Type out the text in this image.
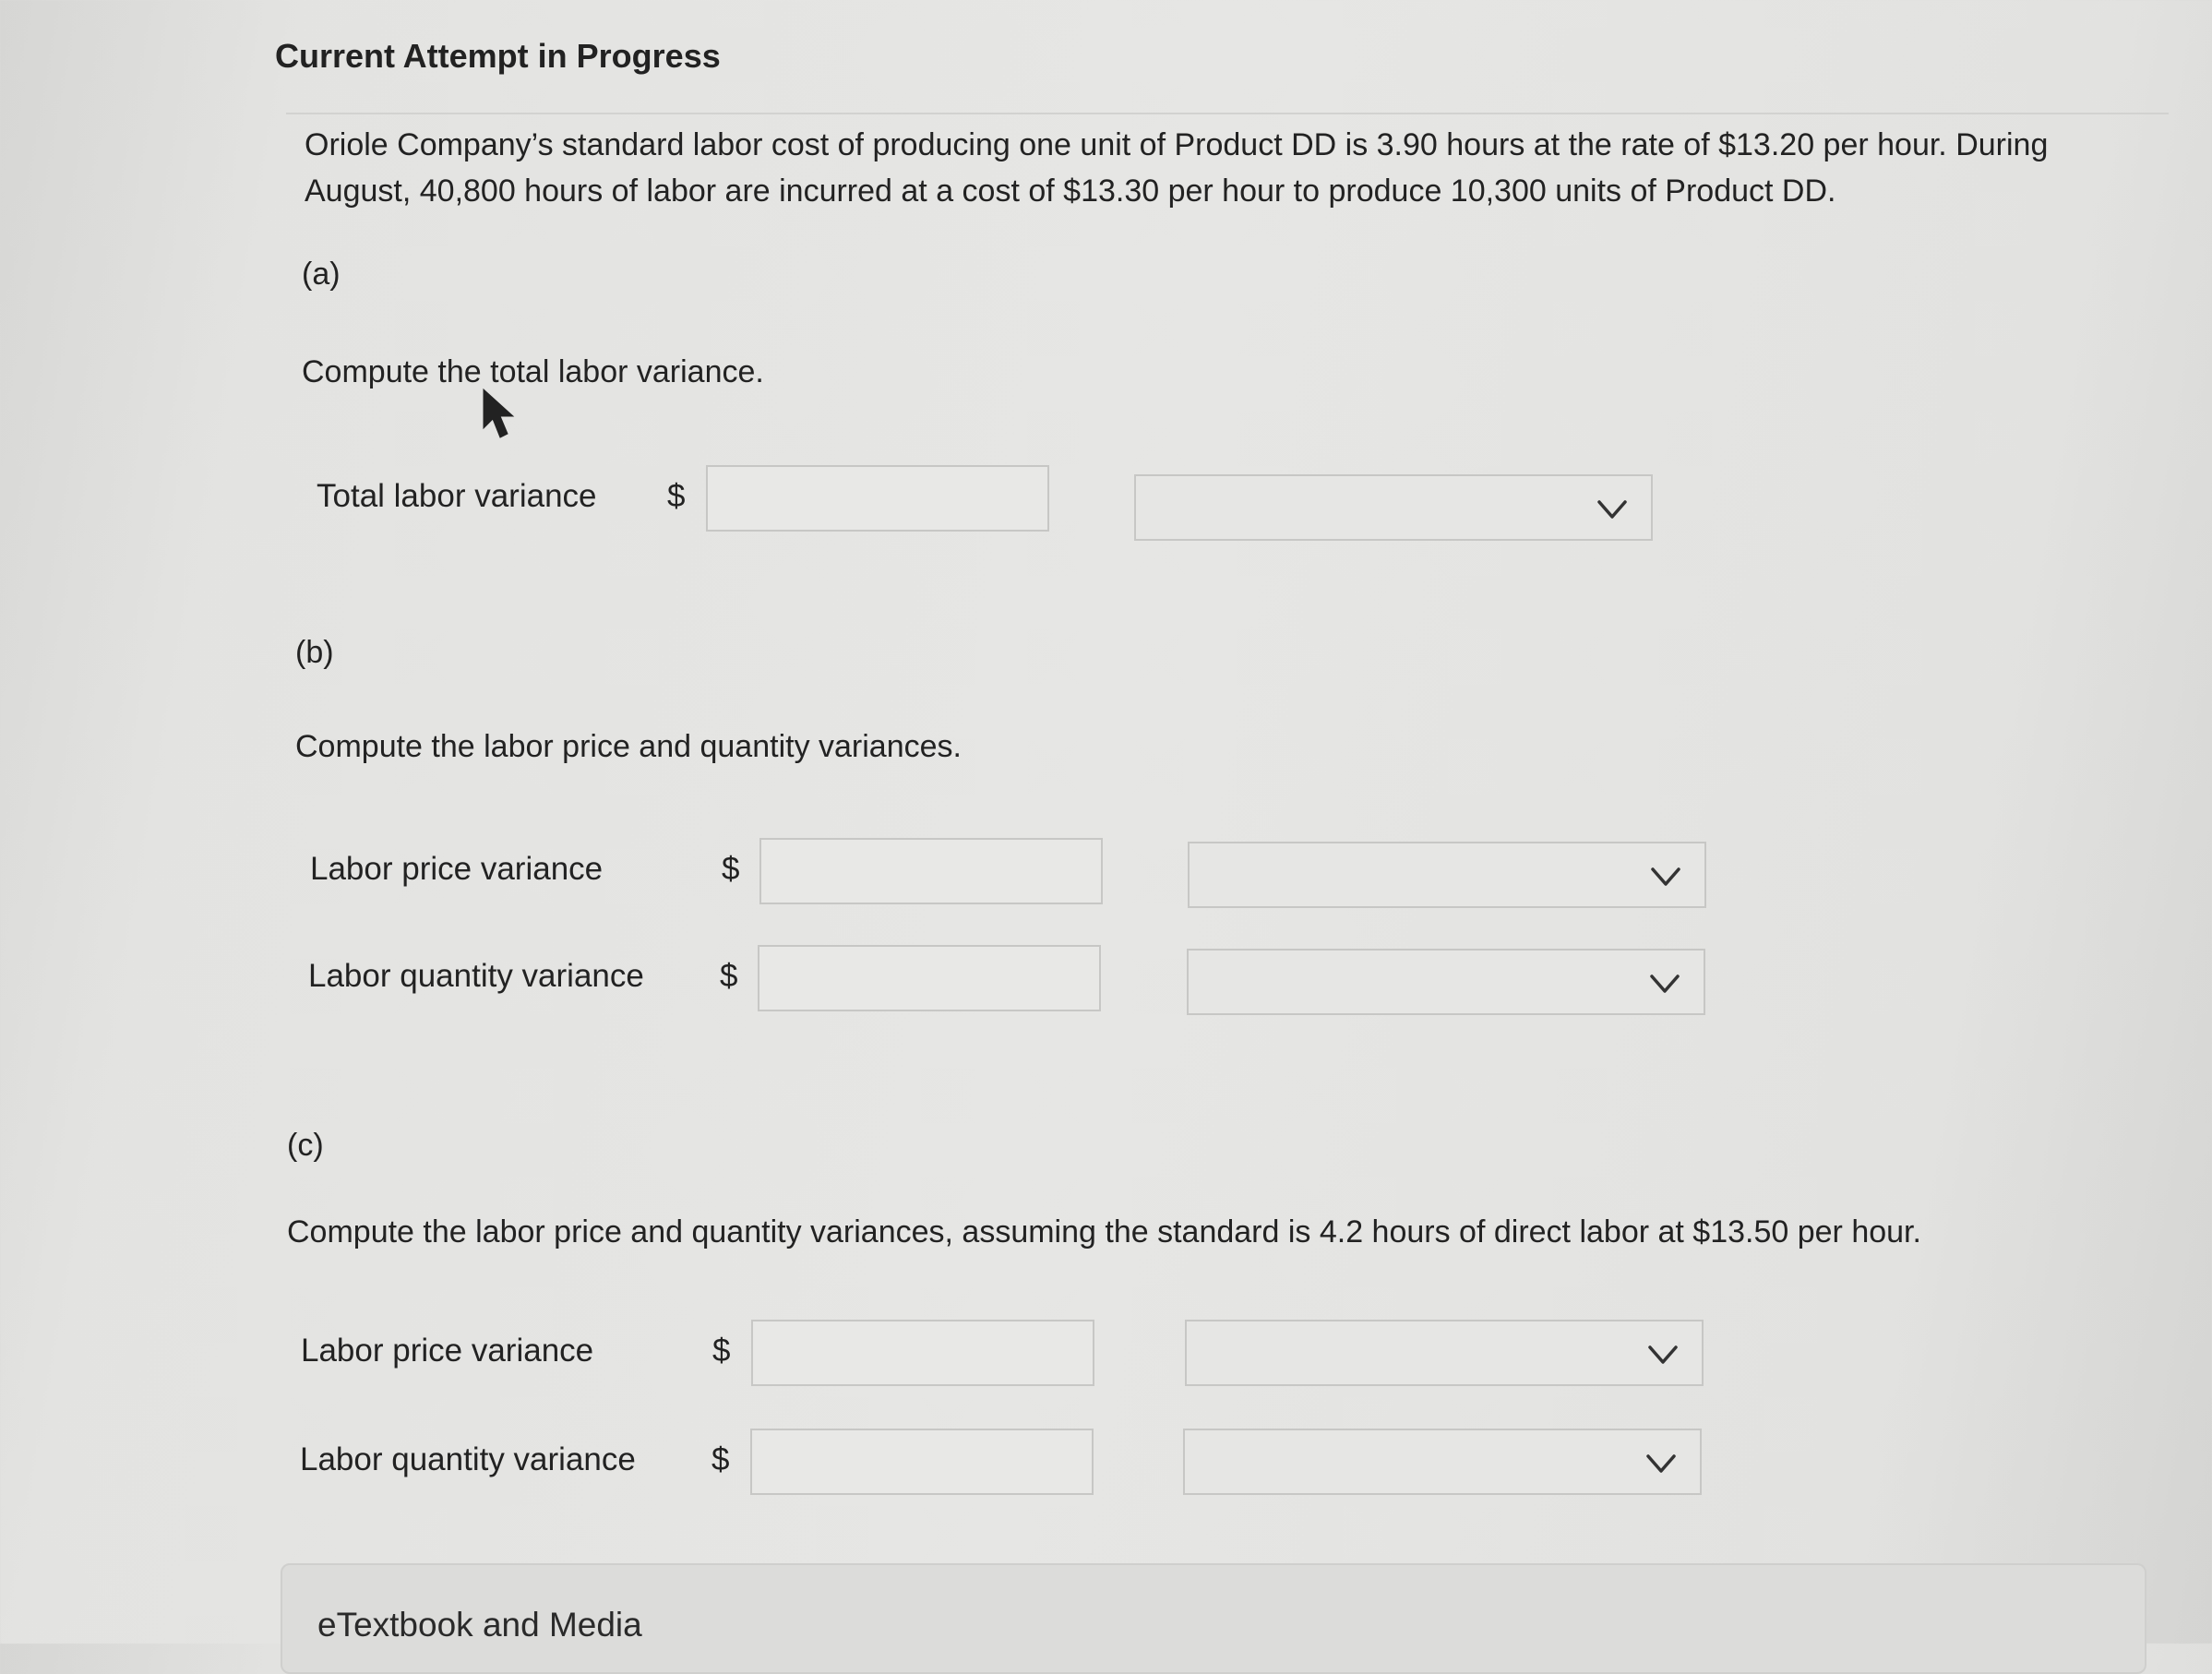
Current Attempt in Progress
Oriole Company’s standard labor cost of producing one unit of Product DD is 3.90 hours at the rate of $13.20 per hour. During August, 40,800 hours of labor are incurred at a cost of $13.30 per hour to produce 10,300 units of Product DD.
(a)
Compute the total labor variance.
Total labor variance $
(b)
Compute the labor price and quantity variances.
Labor price variance	$
Labor quantity variance $
(c)
Compute the labor price and quantity variances, assuming the standard is 4.2 hours of direct labor at $13.50 per hour.
Labor price variance	$
Labor quantity variance $
eTextbook and Media
